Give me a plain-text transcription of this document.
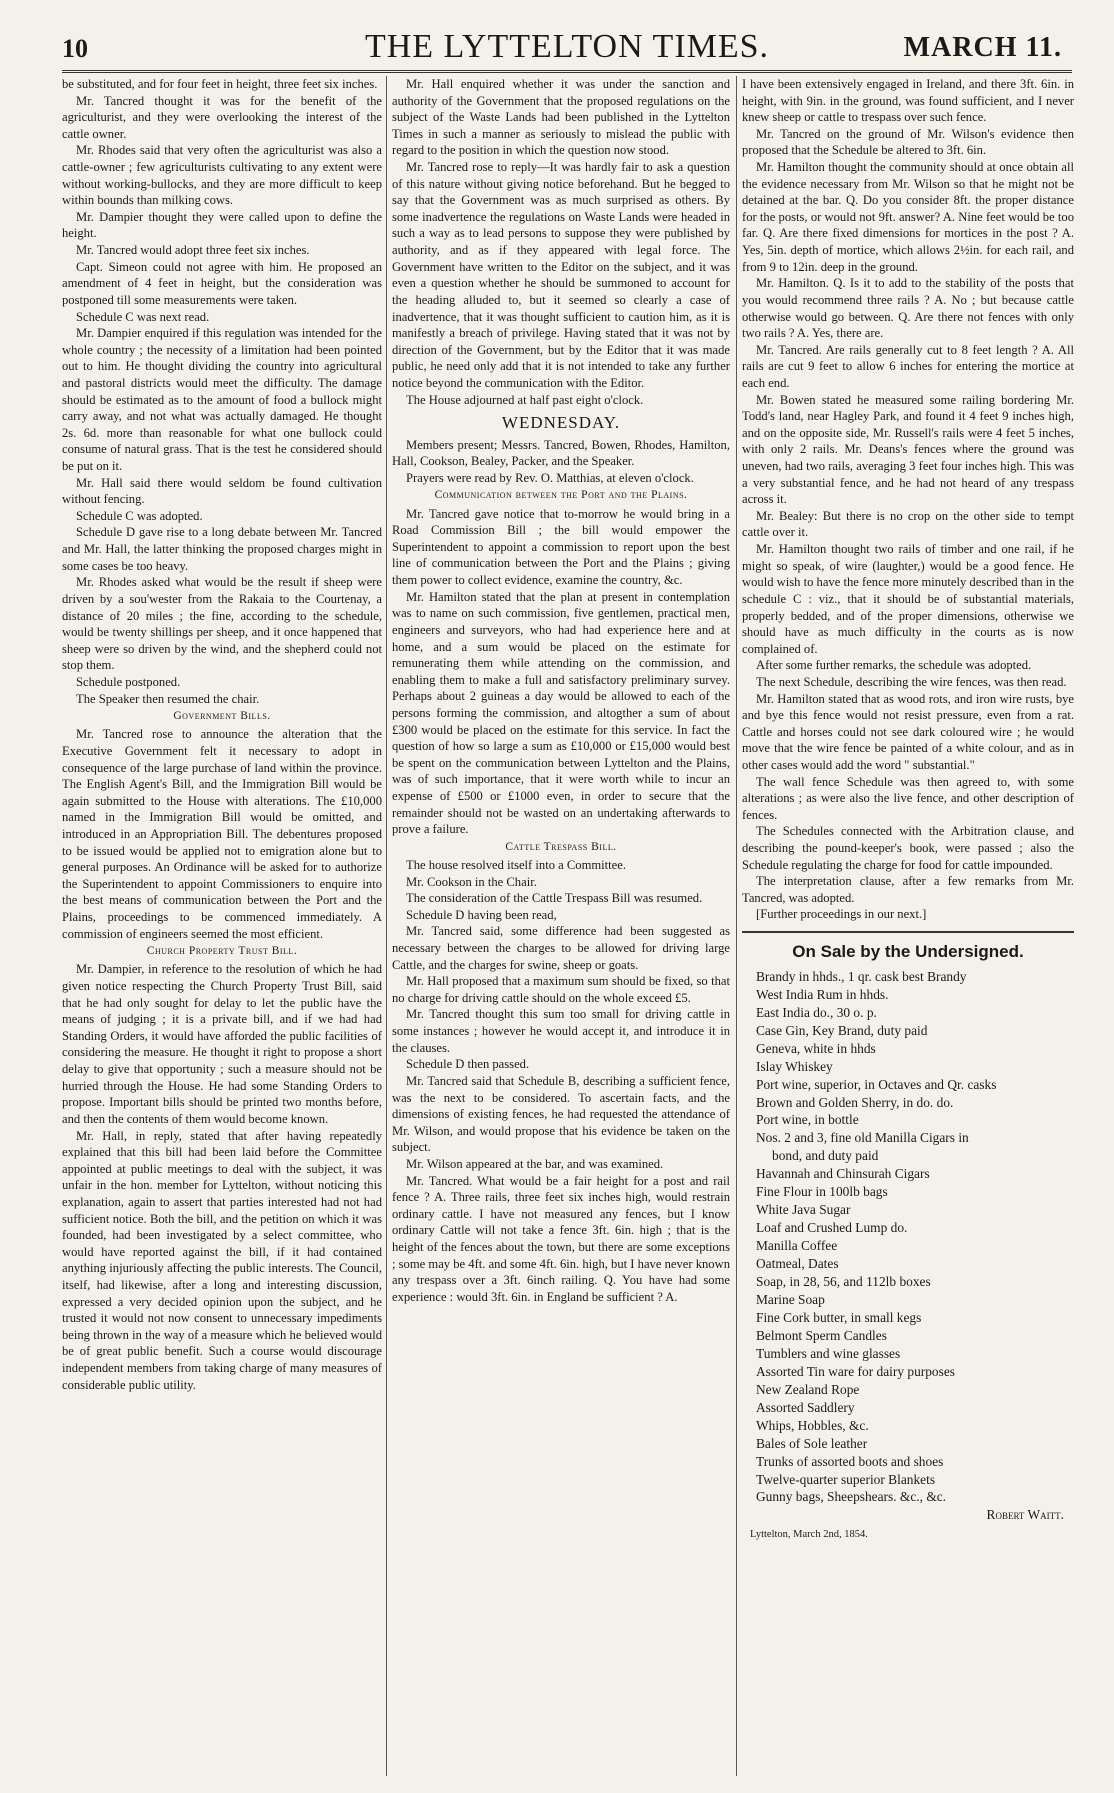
10	THE LYTTELTON TIMES.	MARCH 11.

be substituted, and for four feet in height, three feet six inches.

Mr. Tancred thought it was for the benefit of the agriculturist, and they were overlooking the interest of the cattle owner.

Mr. Rhodes said that very often the agriculturist was also a cattle-owner ; few agriculturists cultivating to any extent were without working-bullocks, and they are more difficult to keep within bounds than milking cows.

Mr. Dampier thought they were called upon to define the height.

Mr. Tancred would adopt three feet six inches.

Capt. Simeon could not agree with him. He proposed an amendment of 4 feet in height, but the consideration was postponed till some measurements were taken.

Schedule C was next read.

Mr. Dampier enquired if this regulation was intended for the whole country ; the necessity of a limitation had been pointed out to him. He thought dividing the country into agricultural and pastoral districts would meet the difficulty. The damage should be estimated as to the amount of food a bullock might carry away, and not what was actually damaged. He thought 2s. 6d. more than reasonable for what one bullock could consume of natural grass. That is the test he considered should be put on it.

Mr. Hall said there would seldom be found cultivation without fencing.

Schedule C was adopted.

Schedule D gave rise to a long debate between Mr. Tancred and Mr. Hall, the latter thinking the proposed charges might in some cases be too heavy.

Mr. Rhodes asked what would be the result if sheep were driven by a sou'wester from the Rakaia to the Courtenay, a distance of 20 miles ; the fine, according to the schedule, would be twenty shillings per sheep, and it once happened that sheep were so driven by the wind, and the shepherd could not stop them.

Schedule postponed.

The Speaker then resumed the chair.

Government Bills.

Mr. Tancred rose to announce the alteration that the Executive Government felt it necessary to adopt in consequence of the large purchase of land within the province. The English Agent's Bill, and the Immigration Bill would be again submitted to the House with alterations. The £10,000 named in the Immigration Bill would be omitted, and introduced in an Appropriation Bill. The debentures proposed to be issued would be applied not to emigration alone but to general purposes. An Ordinance will be asked for to authorize the Superintendent to appoint Commissioners to enquire into the best means of communication between the Port and the Plains, proceedings to be commenced immediately. A commission of engineers seemed the most efficient.

Church Property Trust Bill.

Mr. Dampier, in reference to the resolution of which he had given notice respecting the Church Property Trust Bill, said that he had only sought for delay to let the public have the means of judging ; it is a private bill, and if we had had Standing Orders, it would have afforded the public facilities of considering the measure. He thought it right to propose a short delay to give that opportunity ; such a measure should not be hurried through the House. He had some Standing Orders to propose. Important bills should be printed two months before, and then the contents of them would become known.

Mr. Hall, in reply, stated that after having repeatedly explained that this bill had been laid before the Committee appointed at public meetings to deal with the subject, it was unfair in the hon. member for Lyttelton, without noticing this explanation, again to assert that parties interested had not had sufficient notice. Both the bill, and the petition on which it was founded, had been investigated by a select committee, who would have reported against the bill, if it had contained anything injuriously affecting the public interests. The Council, itself, had likewise, after a long and interesting discussion, expressed a very decided opinion upon the subject, and he trusted it would not now consent to unnecessary impediments being thrown in the way of a measure which he believed would be of great public benefit. Such a course would discourage independent members from taking charge of many measures of considerable public utility.

Mr. Hall enquired whether it was under the sanction and authority of the Government that the proposed regulations on the subject of the Waste Lands had been published in the Lyttelton Times in such a manner as seriously to mislead the public with regard to the position in which the question now stood.

Mr. Tancred rose to reply—It was hardly fair to ask a question of this nature without giving notice beforehand. But he begged to say that the Government was as much surprised as others. By some inadvertence the regulations on Waste Lands were headed in such a way as to lead persons to suppose they were published by authority, and as if they appeared with legal force. The Government have written to the Editor on the subject, and it was even a question whether he should be summoned to account for the heading alluded to, but it seemed so clearly a case of inadvertence, that it was thought sufficient to caution him, as it is manifestly a breach of privilege. Having stated that it was not by direction of the Government, but by the Editor that it was made public, he need only add that it is not intended to take any further notice beyond the communication with the Editor.

The House adjourned at half past eight o'clock.

WEDNESDAY.

Members present; Messrs. Tancred, Bowen, Rhodes, Hamilton, Hall, Cookson, Bealey, Packer, and the Speaker.

Prayers were read by Rev. O. Matthias, at eleven o'clock.

Communication between the Port and the Plains.

Mr. Tancred gave notice that to-morrow he would bring in a Road Commission Bill ; the bill would empower the Superintendent to appoint a commission to report upon the best line of communication between the Port and the Plains ; giving them power to collect evidence, examine the country, &c.

Mr. Hamilton stated that the plan at present in contemplation was to name on such commission, five gentlemen, practical men, engineers and surveyors, who had had experience here and at home, and a sum would be placed on the estimate for remunerating them while attending on the commission, and enabling them to make a full and satisfactory preliminary survey. Perhaps about 2 guineas a day would be allowed to each of the persons forming the commission, and altogther a sum of about £300 would be placed on the estimate for this service. In fact the question of how so large a sum as £10,000 or £15,000 would best be spent on the communication between Lyttelton and the Plains, was of such importance, that it were worth while to incur an expense of £500 or £1000 even, in order to secure that the remainder should not be wasted on an undertaking afterwards to prove a failure.

Cattle Trespass Bill.

The house resolved itself into a Committee.

Mr. Cookson in the Chair.

The consideration of the Cattle Trespass Bill was resumed.

Schedule D having been read,

Mr. Tancred said, some difference had been suggested as necessary between the charges to be allowed for driving large Cattle, and the charges for swine, sheep or goats.

Mr. Hall proposed that a maximum sum should be fixed, so that no charge for driving cattle should on the whole exceed £5.

Mr. Tancred thought this sum too small for driving cattle in some instances ; however he would accept it, and introduce it in the clauses.

Schedule D then passed.

Mr. Tancred said that Schedule B, describing a sufficient fence, was the next to be considered. To ascertain facts, and the dimensions of existing fences, he had requested the attendance of Mr. Wilson, and would propose that his evidence be taken on the subject.

Mr. Wilson appeared at the bar, and was examined.

Mr. Tancred. What would be a fair height for a post and rail fence ? A. Three rails, three feet six inches high, would restrain ordinary cattle. I have not measured any fences, but I know ordinary Cattle will not take a fence 3ft. 6in. high ; that is the height of the fences about the town, but there are some exceptions ; some may be 4ft. and some 4ft. 6in. high, but I have never known any trespass over a 3ft. 6inch railing. Q. You have had some experience : would 3ft. 6in. in England be sufficient ? A.

I have been extensively engaged in Ireland, and there 3ft. 6in. in height, with 9in. in the ground, was found sufficient, and I never knew sheep or cattle to trespass over such fence.

Mr. Tancred on the ground of Mr. Wilson's evidence then proposed that the Schedule be altered to 3ft. 6in.

Mr. Hamilton thought the community should at once obtain all the evidence necessary from Mr. Wilson so that he might not be detained at the bar. Q. Do you consider 8ft. the proper distance for the posts, or would not 9ft. answer? A. Nine feet would be too far. Q. Are there fixed dimensions for mortices in the post ? A. Yes, 5in. depth of mortice, which allows 2½in. for each rail, and from 9 to 12in. deep in the ground.

Mr. Hamilton. Q. Is it to add to the stability of the posts that you would recommend three rails ? A. No ; but because cattle otherwise would go between. Q. Are there not fences with only two rails ? A. Yes, there are.

Mr. Tancred. Are rails generally cut to 8 feet length ? A. All rails are cut 9 feet to allow 6 inches for entering the mortice at each end.

Mr. Bowen stated he measured some railing bordering Mr. Todd's land, near Hagley Park, and found it 4 feet 9 inches high, and on the opposite side, Mr. Russell's rails were 4 feet 5 inches, with only 2 rails. Mr. Deans's fences where the ground was uneven, had two rails, averaging 3 feet four inches high. This was a very substantial fence, and he had not heard of any trespass across it.

Mr. Bealey: But there is no crop on the other side to tempt cattle over it.

Mr. Hamilton thought two rails of timber and one rail, if he might so speak, of wire (laughter,) would be a good fence. He would wish to have the fence more minutely described than in the schedule C : viz., that it should be of substantial materials, properly bedded, and of the proper dimensions, otherwise we should have as much difficulty in the courts as is now complained of.

After some further remarks, the schedule was adopted.

The next Schedule, describing the wire fences, was then read.

Mr. Hamilton stated that as wood rots, and iron wire rusts, bye and bye this fence would not resist pressure, even from a rat. Cattle and horses could not see dark coloured wire ; he would move that the wire fence be painted of a white colour, and as in other cases would add the word " substantial."

The wall fence Schedule was then agreed to, with some alterations ; as were also the live fence, and other description of fences.

The Schedules connected with the Arbitration clause, and describing the pound-keeper's book, were passed ; also the Schedule regulating the charge for food for cattle impounded.

The interpretation clause, after a few remarks from Mr. Tancred, was adopted.

[Further proceedings in our next.]

On Sale by the Undersigned.
Brandy in hhds., 1 qr. cask best Brandy
West India Rum in hhds.
East India do., 30 o. p.
Case Gin, Key Brand, duty paid
Geneva, white in hhds
Islay Whiskey
Port wine, superior, in Octaves and Qr. casks
Brown and Golden Sherry, in do. do.
Port wine, in bottle
Nos. 2 and 3, fine old Manilla Cigars in
bond, and duty paid
Havannah and Chinsurah Cigars
Fine Flour in 100lb bags
White Java Sugar
Loaf and Crushed Lump do.
Manilla Coffee
Oatmeal, Dates
Soap, in 28, 56, and 112lb boxes
Marine Soap
Fine Cork butter, in small kegs
Belmont Sperm Candles
Tumblers and wine glasses
Assorted Tin ware for dairy purposes
New Zealand Rope
Assorted Saddlery
Whips, Hobbles, &c.
Bales of Sole leather
Trunks of assorted boots and shoes
Twelve-quarter superior Blankets
Gunny bags, Sheepshears. &c., &c.
Robert Waitt.
Lyttelton, March 2nd, 1854.
